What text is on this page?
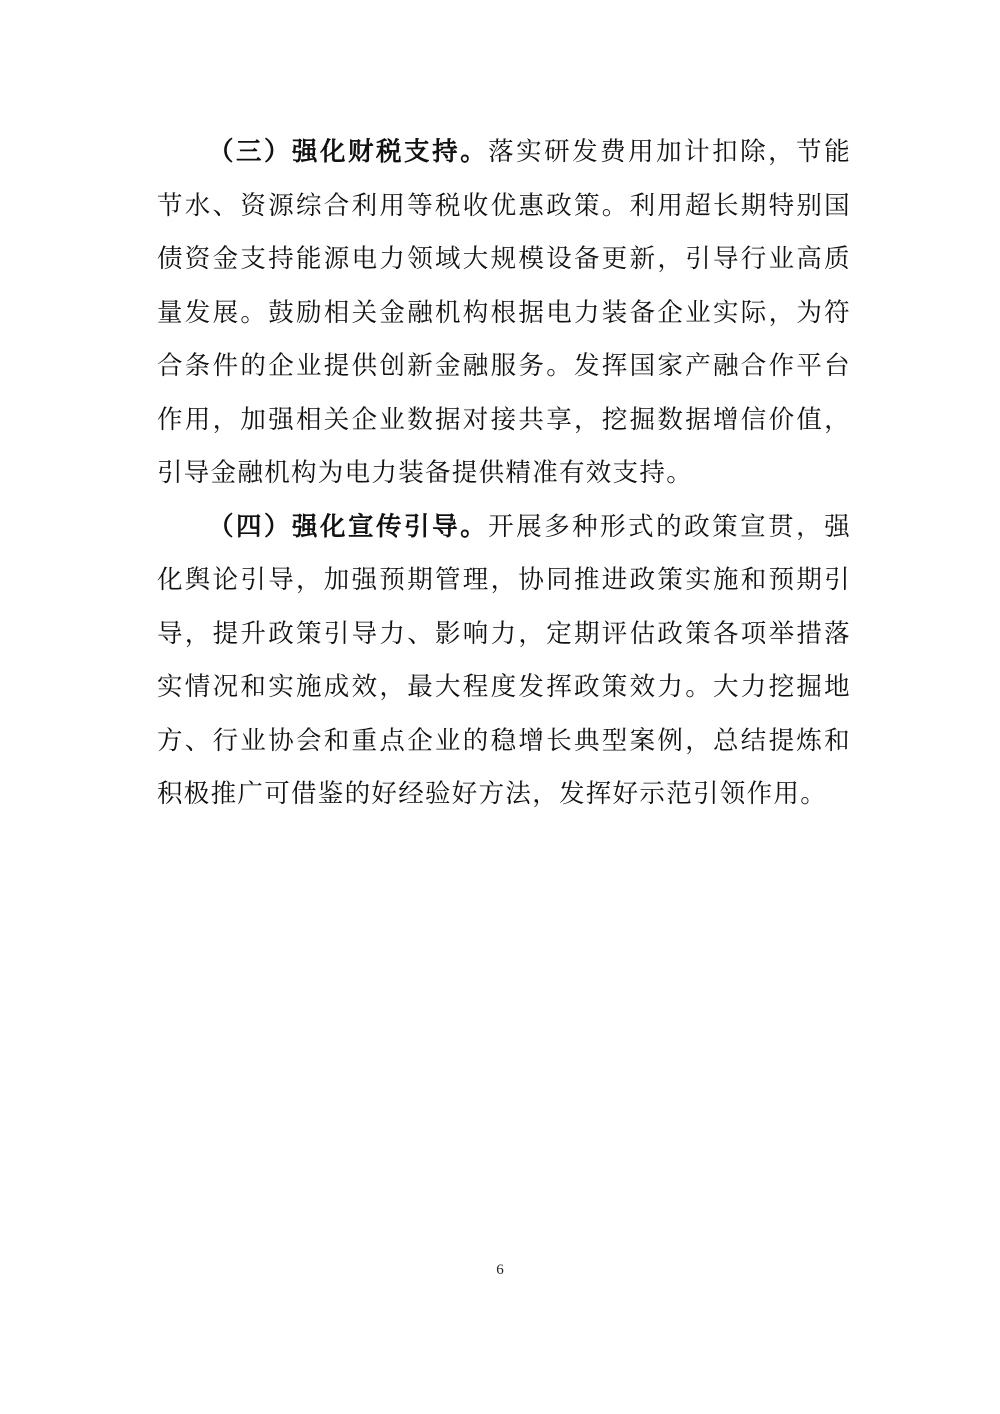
（三）强化财税支持。落实研发费用加计扣除，节能节水、资源综合利用等税收优惠政策。利用超长期特别国债资金支持能源电力领域大规模设备更新，引导行业高质量发展。鼓励相关金融机构根据电力装备企业实际，为符合条件的企业提供创新金融服务。发挥国家产融合作平台作用，加强相关企业数据对接共享，挖掘数据增信价值，引导金融机构为电力装备提供精准有效支持。

（四）强化宣传引导。开展多种形式的政策宣贯，强化舆论引导，加强预期管理，协同推进政策实施和预期引导，提升政策引导力、影响力，定期评估政策各项举措落实情况和实施成效，最大程度发挥政策效力。大力挖掘地方、行业协会和重点企业的稳增长典型案例，总结提炼和积极推广可借鉴的好经验好方法，发挥好示范引领作用。

6
